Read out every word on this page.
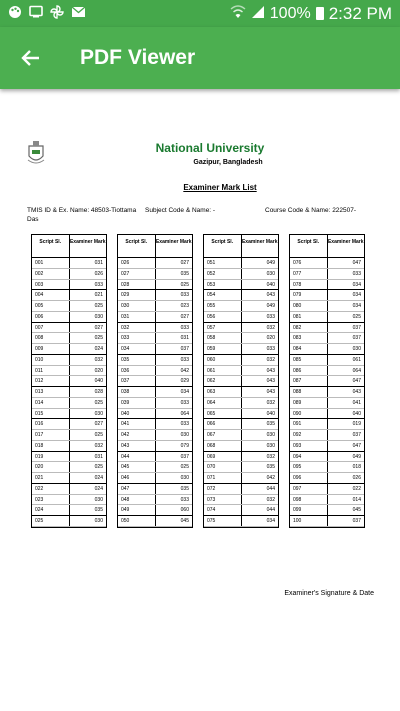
100% 2:32 PM
PDF Viewer
National University
Gazipur, Bangladesh
Examiner Mark List
TMIS ID & Ex. Name: 48503-Tiottama Das
Subject Code & Name: -	Course Code & Name: 222507-
Script Sl.	Examiner Mark
001	031
002	026
003	033
004	021
005	025
006	030
007	027
008	025
009	024
010	032
011	020
012	040
013	028
014	025
015	030
016	027
017	025
018	032
019	031
020	025
021	024
022	024
023	030
024	035
025	030
Script Sl.	Examiner Mark
026	027
027	035
028	025
029	033
030	023
031	027
032	033
033	031
034	037
035	033
036	042
037	029
038	034
039	033
040	064
041	033
042	030
043	079
044	037
045	025
046	030
047	035
048	033
049	060
050	045
Script Sl.	Examiner Mark
051	049
052	030
053	040
054	043
055	049
056	033
057	032
058	020
059	033
060	032
061	043
062	043
063	043
064	032
065	040
066	035
067	030
068	030
069	032
070	035
071	042
072	044
073	032
074	044
075	034
Script Sl.	Examiner Mark
076	047
077	033
078	034
079	034
080	034
081	025
082	037
083	037
084	030
085	061
086	064
087	047
088	043
089	041
090	040
091	019
092	037
093	047
094	049
095	018
096	026
097	022
098	014
099	045
100	037
Examiner's Signature & Date
